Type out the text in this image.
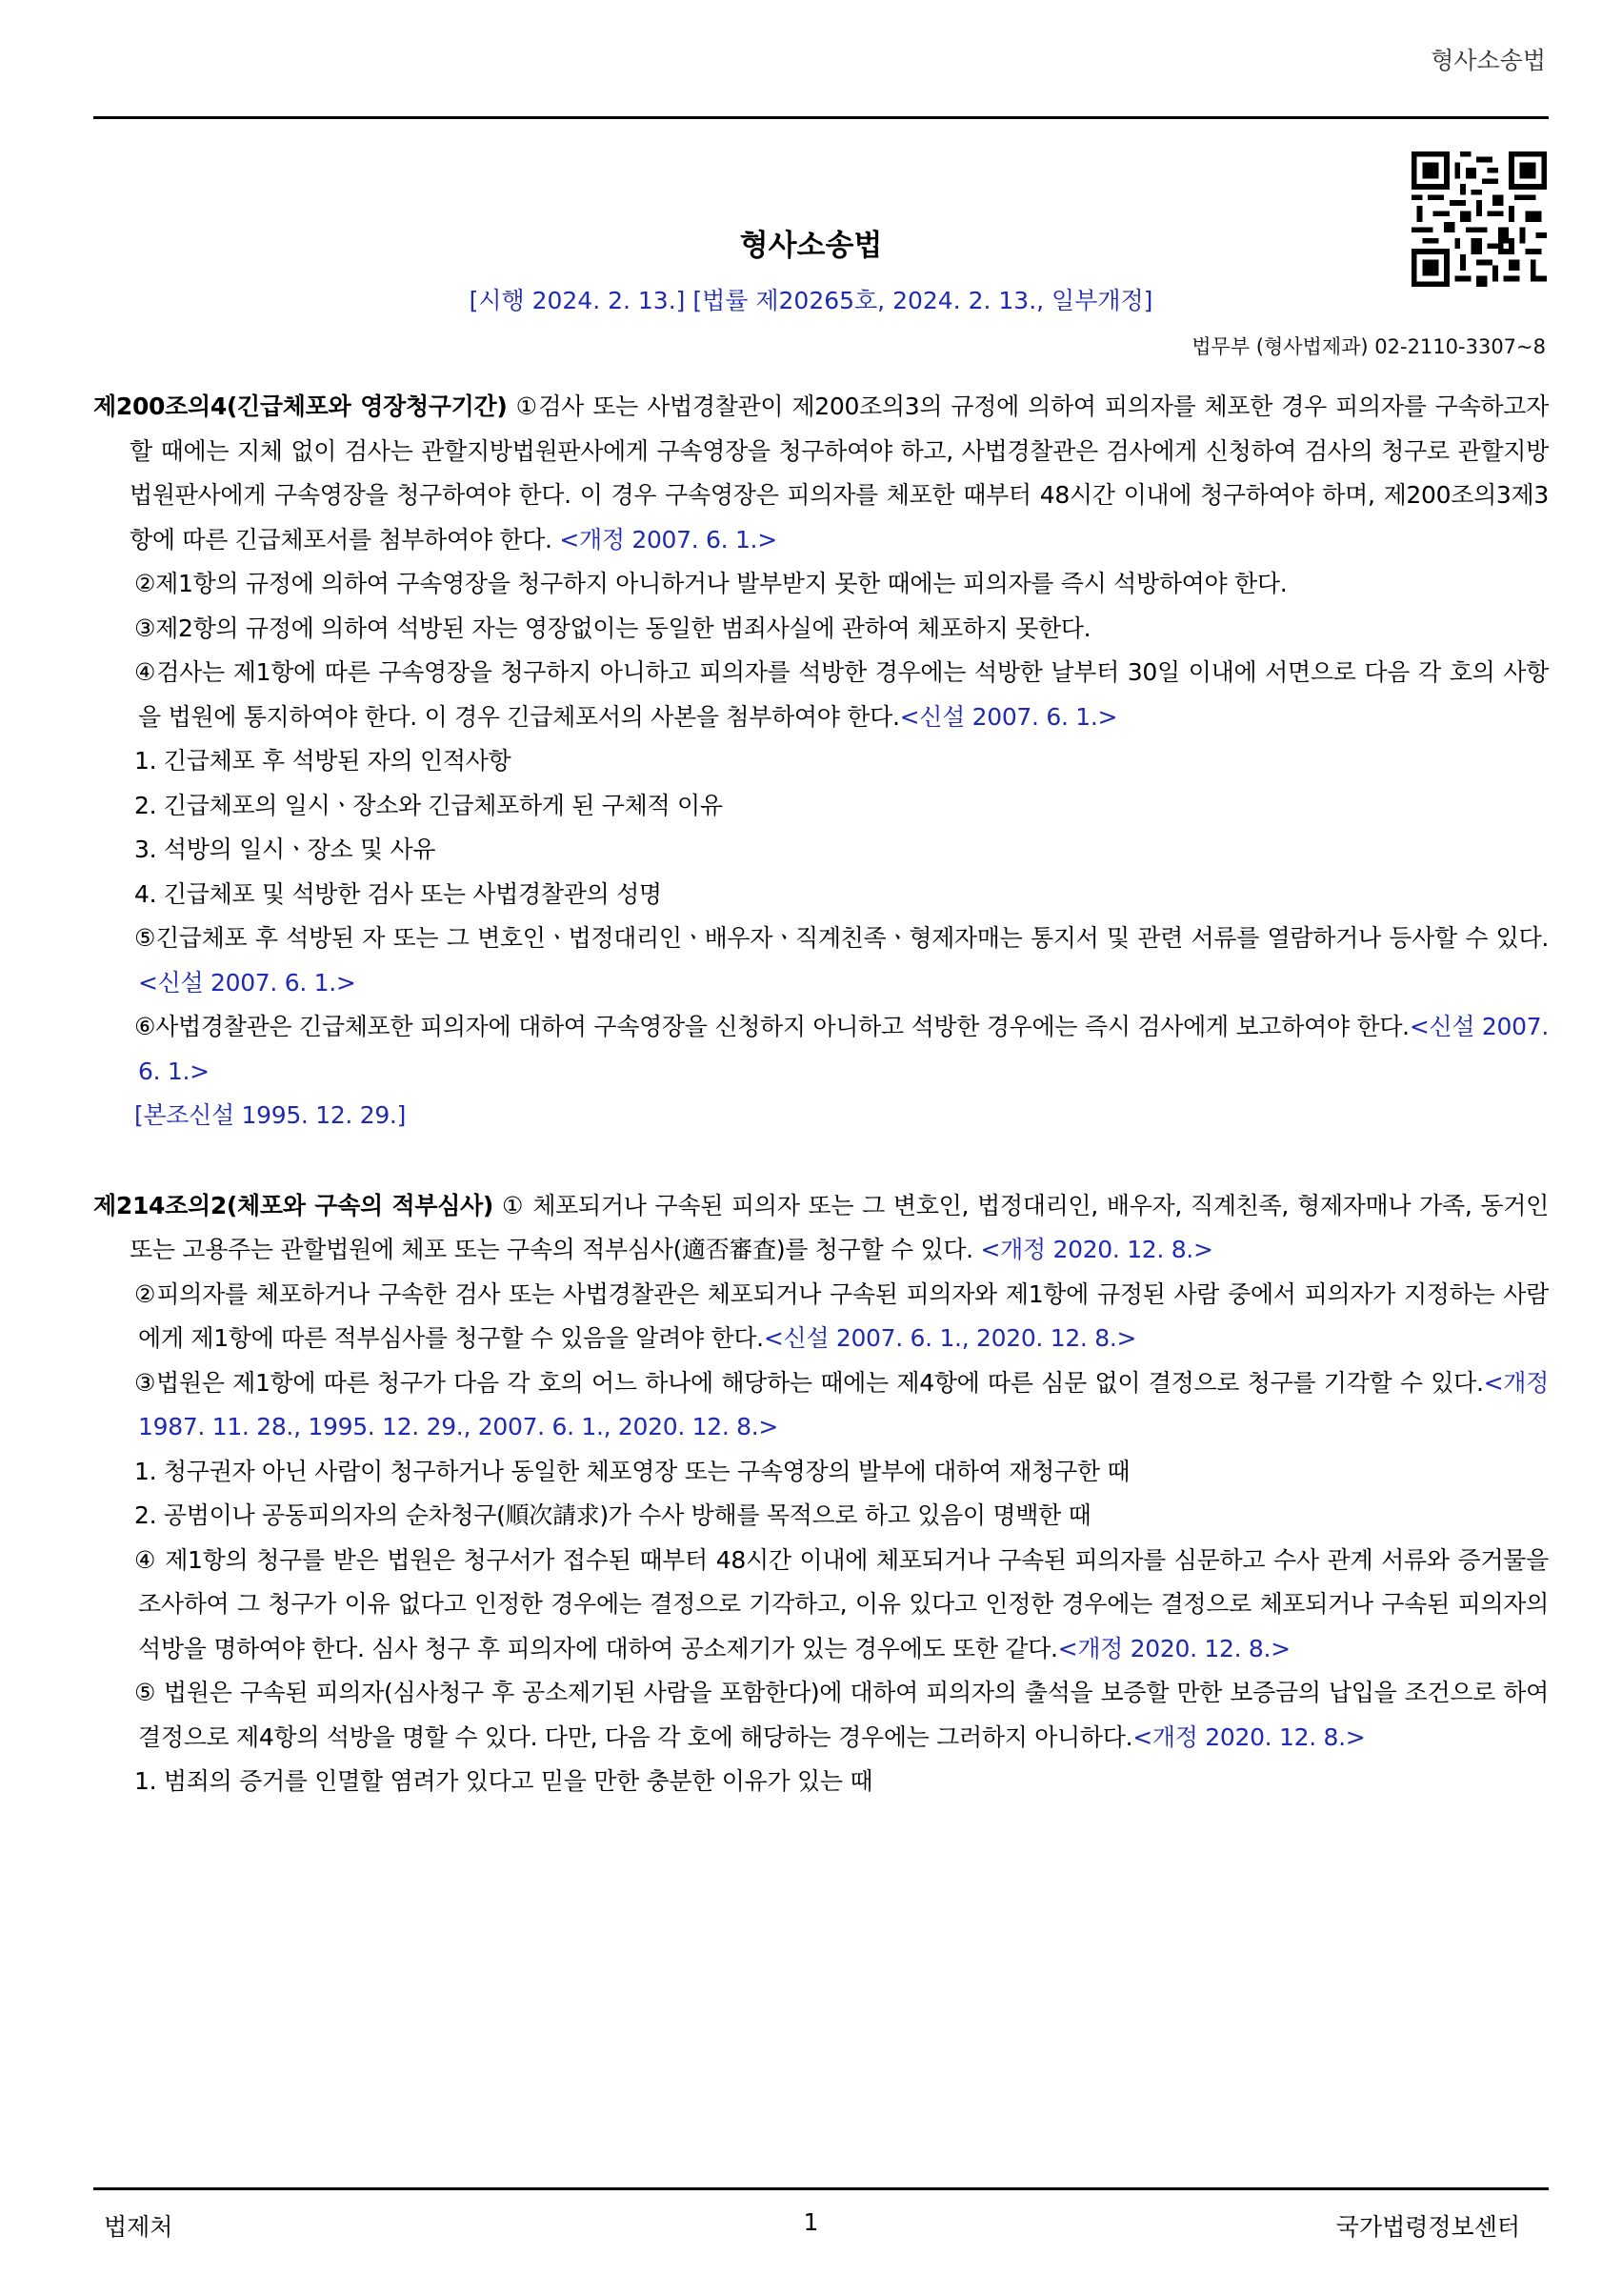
형사소송법
형사소송법
[시행 2024. 2. 13.] [법률 제20265호, 2024. 2. 13., 일부개정]
법무부 (형사법제과) 02-2110-3307~8
제200조의4(긴급체포와 영장청구기간) ①검사 또는 사법경찰관이 제200조의3의 규정에 의하여 피의자를 체포한 경우 피의자를 구속하고자 할 때에는 지체 없이 검사는 관할지방법원판사에게 구속영장을 청구하여야 하고, 사법경찰관은 검사에게 신청하여 검사의 청구로 관할지방법원판사에게 구속영장을 청구하여야 한다. 이 경우 구속영장은 피의자를 체포한 때부터 48시간 이내에 청구하여야 하며, 제200조의3제3항에 따른 긴급체포서를 첨부하여야 한다. <개정 2007. 6. 1.>
②제1항의 규정에 의하여 구속영장을 청구하지 아니하거나 발부받지 못한 때에는 피의자를 즉시 석방하여야 한다.
③제2항의 규정에 의하여 석방된 자는 영장없이는 동일한 범죄사실에 관하여 체포하지 못한다.
④검사는 제1항에 따른 구속영장을 청구하지 아니하고 피의자를 석방한 경우에는 석방한 날부터 30일 이내에 서면으로 다음 각 호의 사항을 법원에 통지하여야 한다. 이 경우 긴급체포서의 사본을 첨부하여야 한다.<신설 2007. 6. 1.>
1. 긴급체포 후 석방된 자의 인적사항
2. 긴급체포의 일시ㆍ장소와 긴급체포하게 된 구체적 이유
3. 석방의 일시ㆍ장소 및 사유
4. 긴급체포 및 석방한 검사 또는 사법경찰관의 성명
⑤긴급체포 후 석방된 자 또는 그 변호인ㆍ법정대리인ㆍ배우자ㆍ직계친족ㆍ형제자매는 통지서 및 관련 서류를 열람하거나 등사할 수 있다.<신설 2007. 6. 1.>
⑥사법경찰관은 긴급체포한 피의자에 대하여 구속영장을 신청하지 아니하고 석방한 경우에는 즉시 검사에게 보고하여야 한다.<신설 2007. 6. 1.>
[본조신설 1995. 12. 29.]
제214조의2(체포와 구속의 적부심사) ① 체포되거나 구속된 피의자 또는 그 변호인, 법정대리인, 배우자, 직계친족, 형제자매나 가족, 동거인 또는 고용주는 관할법원에 체포 또는 구속의 적부심사(適否審査)를 청구할 수 있다. <개정 2020. 12. 8.>
②피의자를 체포하거나 구속한 검사 또는 사법경찰관은 체포되거나 구속된 피의자와 제1항에 규정된 사람 중에서 피의자가 지정하는 사람에게 제1항에 따른 적부심사를 청구할 수 있음을 알려야 한다.<신설 2007. 6. 1., 2020. 12. 8.>
③법원은 제1항에 따른 청구가 다음 각 호의 어느 하나에 해당하는 때에는 제4항에 따른 심문 없이 결정으로 청구를 기각할 수 있다.<개정 1987. 11. 28., 1995. 12. 29., 2007. 6. 1., 2020. 12. 8.>
1. 청구권자 아닌 사람이 청구하거나 동일한 체포영장 또는 구속영장의 발부에 대하여 재청구한 때
2. 공범이나 공동피의자의 순차청구(順次請求)가 수사 방해를 목적으로 하고 있음이 명백한 때
④ 제1항의 청구를 받은 법원은 청구서가 접수된 때부터 48시간 이내에 체포되거나 구속된 피의자를 심문하고 수사 관계 서류와 증거물을 조사하여 그 청구가 이유 없다고 인정한 경우에는 결정으로 기각하고, 이유 있다고 인정한 경우에는 결정으로 체포되거나 구속된 피의자의 석방을 명하여야 한다. 심사 청구 후 피의자에 대하여 공소제기가 있는 경우에도 또한 같다.<개정 2020. 12. 8.>
⑤ 법원은 구속된 피의자(심사청구 후 공소제기된 사람을 포함한다)에 대하여 피의자의 출석을 보증할 만한 보증금의 납입을 조건으로 하여 결정으로 제4항의 석방을 명할 수 있다. 다만, 다음 각 호에 해당하는 경우에는 그러하지 아니하다.<개정 2020. 12. 8.>
1. 범죄의 증거를 인멸할 염려가 있다고 믿을 만한 충분한 이유가 있는 때
법제처	1	국가법령정보센터
